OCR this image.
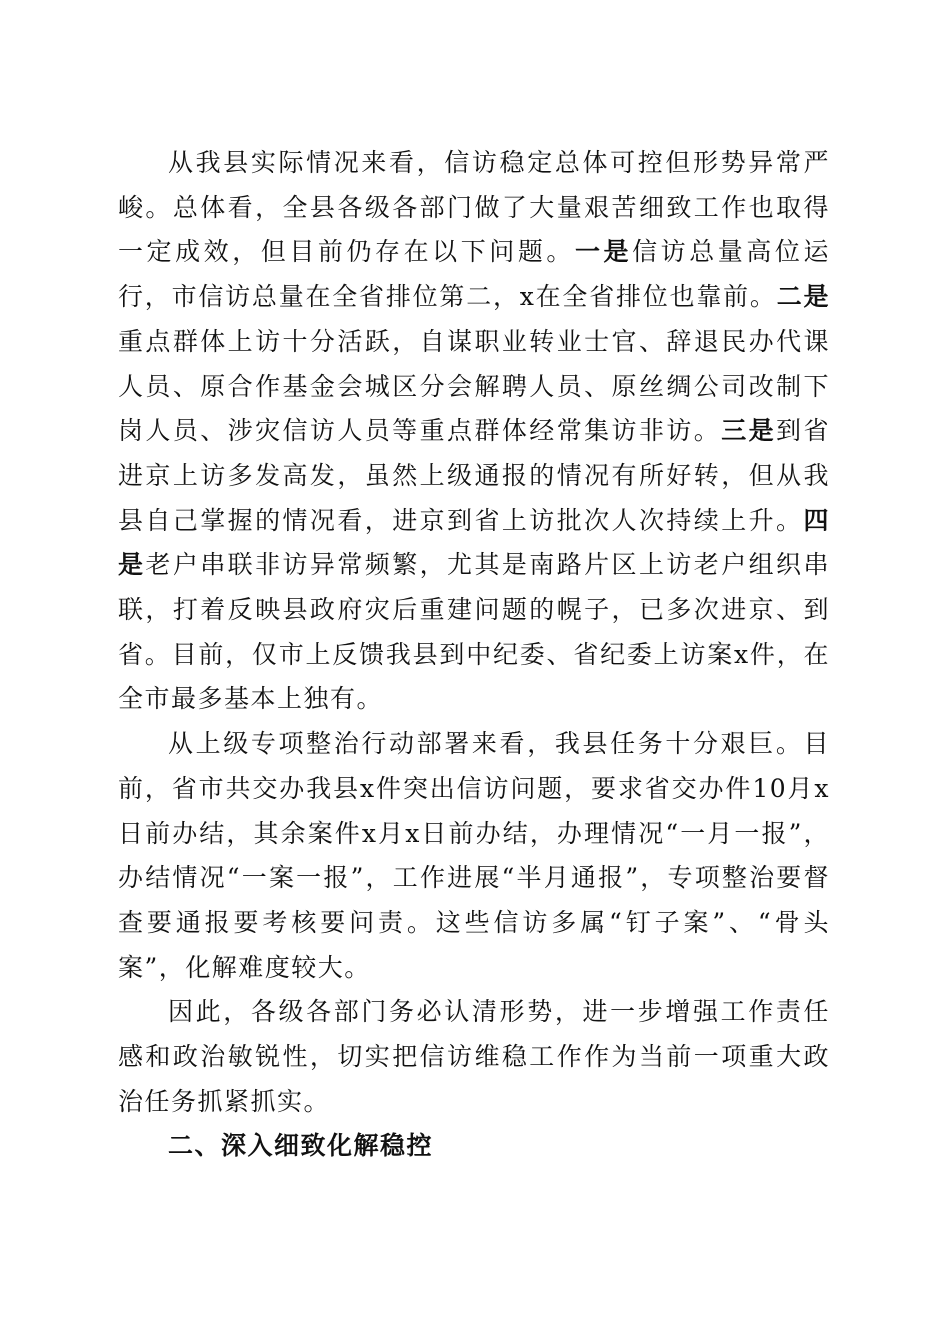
从我县实际情况来看，信访稳定总体可控但形势异常严峻。总体看，全县各级各部门做了大量艰苦细致工作也取得一定成效，但目前仍存在以下问题。一是信访总量高位运行，市信访总量在全省排位第二，x在全省排位也靠前。二是重点群体上访十分活跃，自谋职业转业士官、辞退民办代课人员、原合作基金会城区分会解聘人员、原丝绸公司改制下岗人员、涉灾信访人员等重点群体经常集访非访。三是到省进京上访多发高发，虽然上级通报的情况有所好转，但从我县自己掌握的情况看，进京到省上访批次人次持续上升。四是老户串联非访异常频繁，尤其是南路片区上访老户组织串联，打着反映县政府灾后重建问题的幌子，已多次进京、到省。目前，仅市上反馈我县到中纪委、省纪委上访案x件，在全市最多基本上独有。

从上级专项整治行动部署来看，我县任务十分艰巨。目前，省市共交办我县x件突出信访问题，要求省交办件10月x日前办结，其余案件x月x日前办结，办理情况“一月一报”，办结情况“一案一报”，工作进展“半月通报”，专项整治要督查要通报要考核要问责。这些信访多属“钉子案”、“骨头案”，化解难度较大。

因此，各级各部门务必认清形势，进一步增强工作责任感和政治敏锐性，切实把信访维稳工作作为当前一项重大政治任务抓紧抓实。

二、深入细致化解稳控
